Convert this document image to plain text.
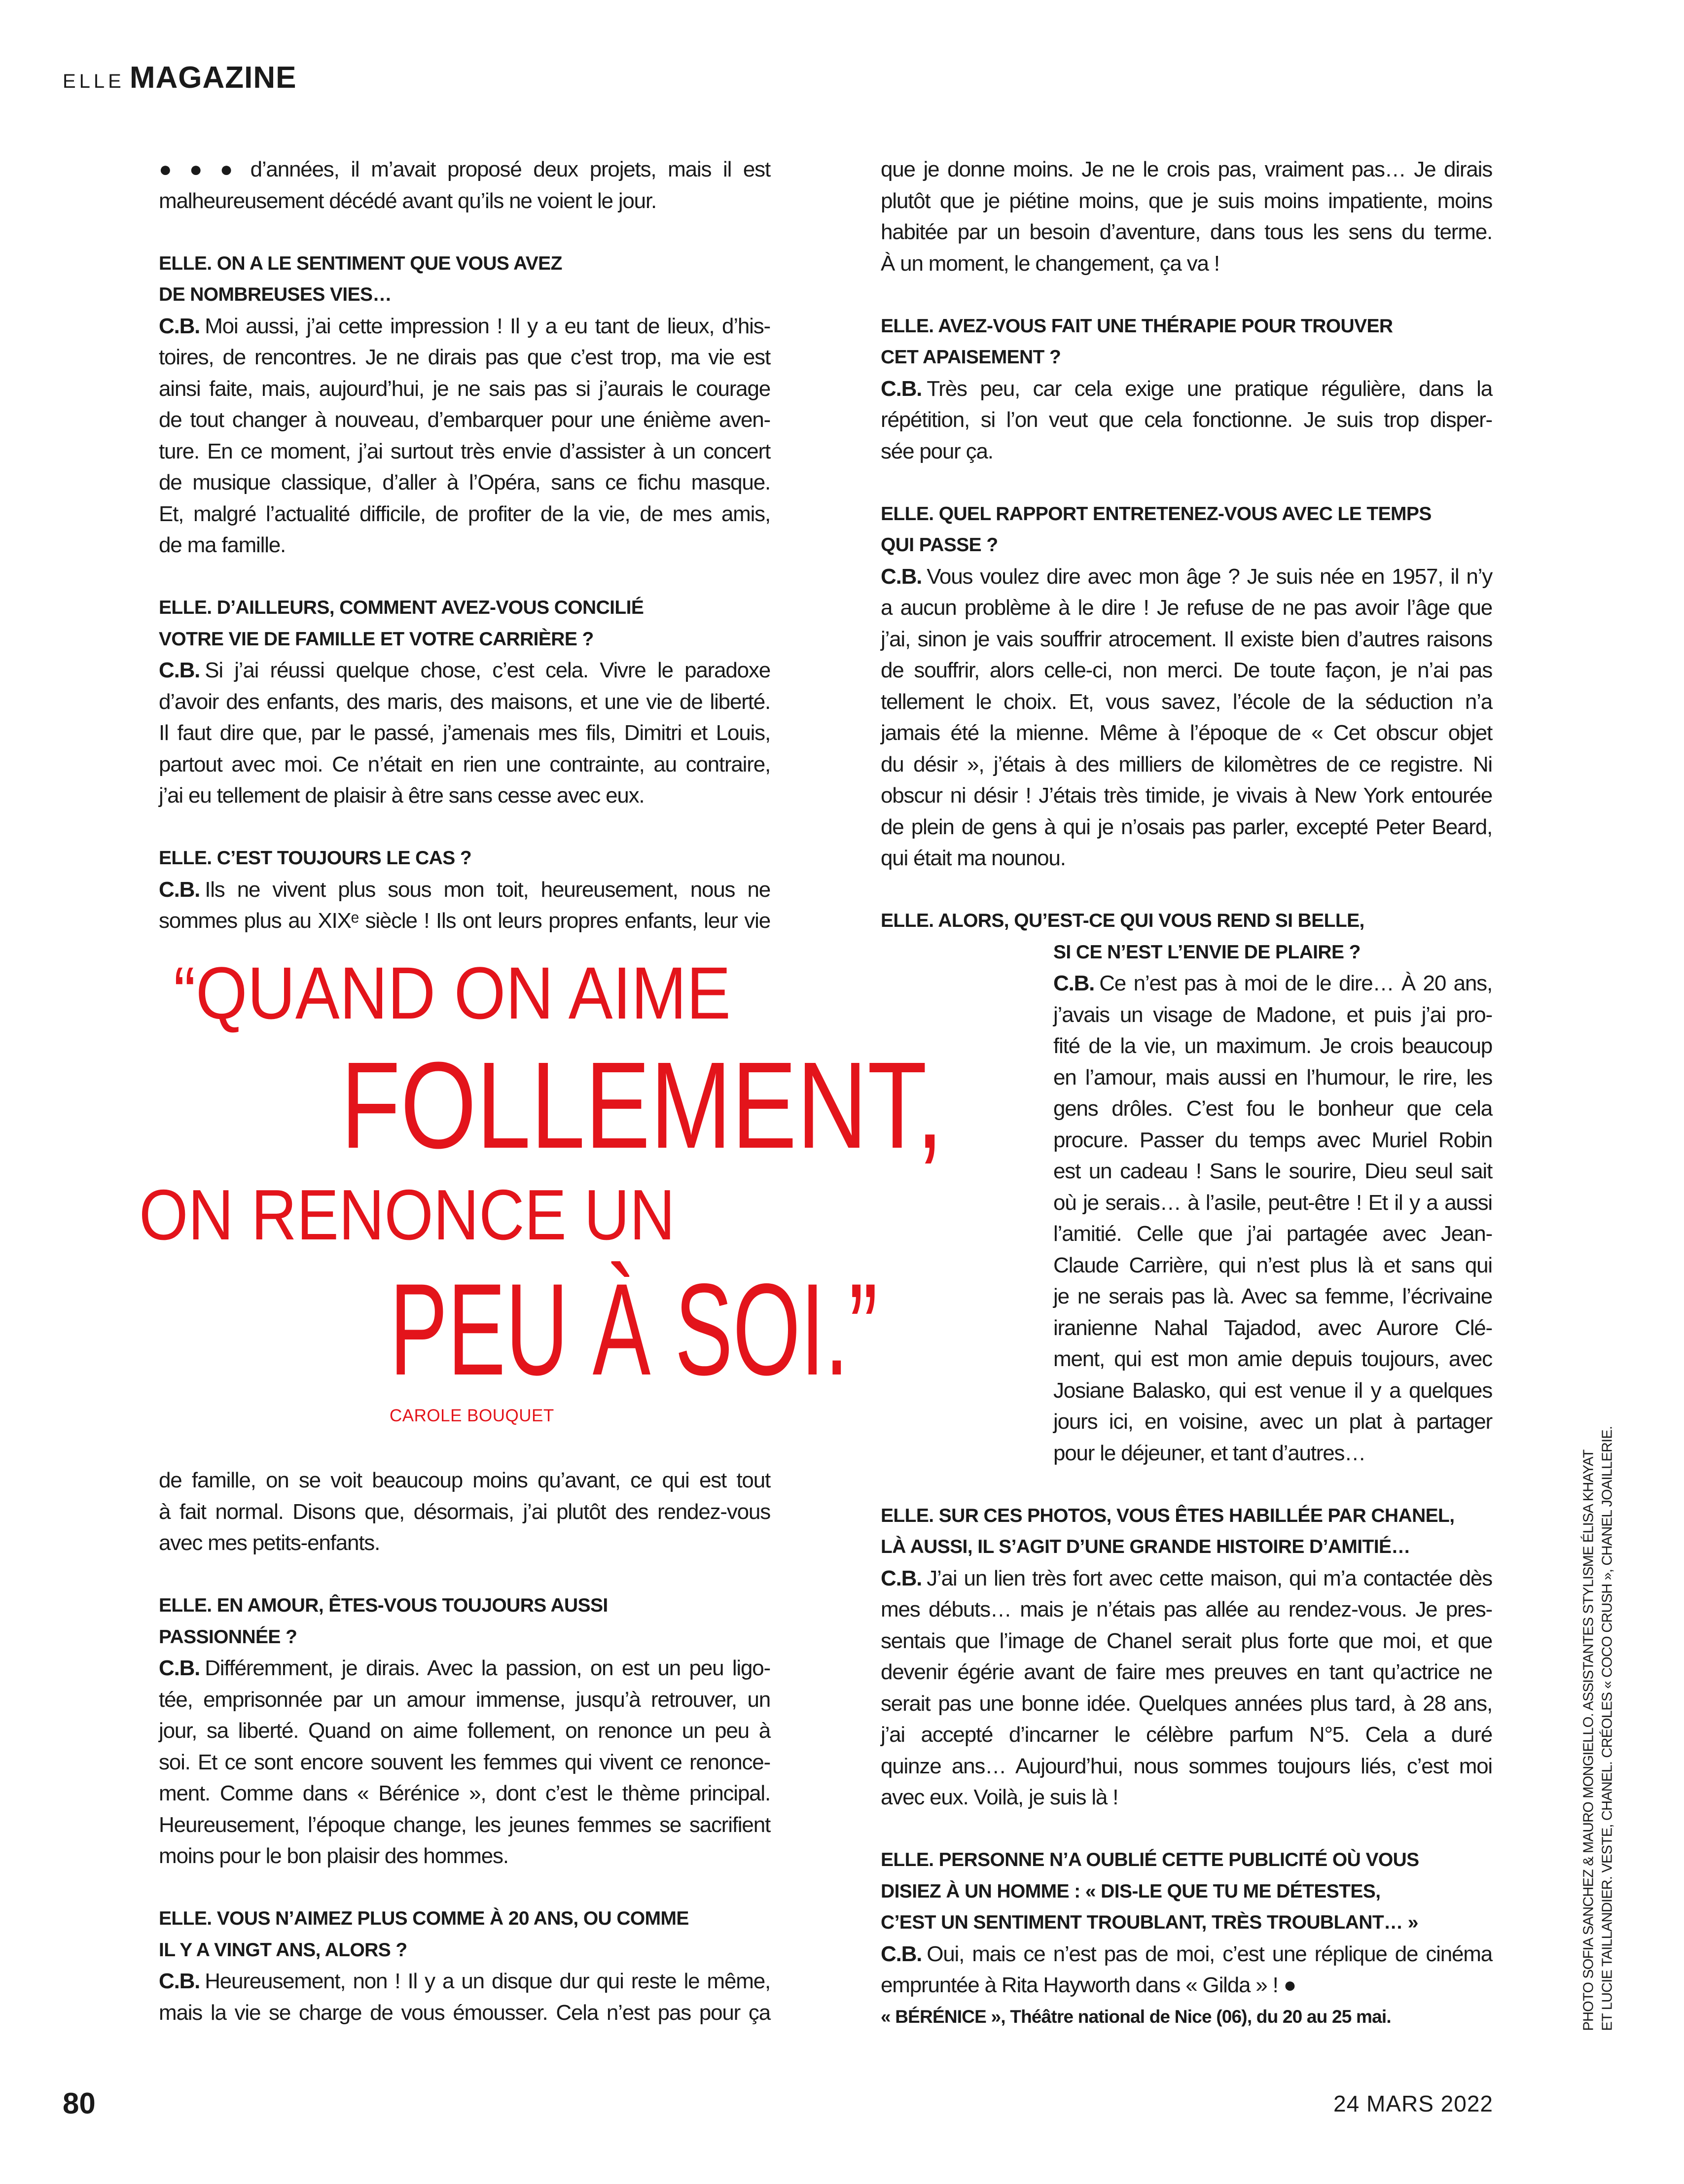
ELLE MAGAZINE
● ● ● d’années, il m’avait proposé deux projets, mais il est
malheureusement décédé avant qu’ils ne voient le jour.
ELLE. ON A LE SENTIMENT QUE VOUS AVEZ
DE NOMBREUSES VIES…
C.B. Moi aussi, j’ai cette impression ! Il y a eu tant de lieux, d’his-
toires, de rencontres. Je ne dirais pas que c’est trop, ma vie est
ainsi faite, mais, aujourd’hui, je ne sais pas si j’aurais le courage
de tout changer à nouveau, d’embarquer pour une énième aven-
ture. En ce moment, j’ai surtout très envie d’assister à un concert
de musique classique, d’aller à l’Opéra, sans ce fichu masque.
Et, malgré l’actualité difficile, de profiter de la vie, de mes amis,
de ma famille.
ELLE. D’AILLEURS, COMMENT AVEZ-VOUS CONCILIÉ
VOTRE VIE DE FAMILLE ET VOTRE CARRIÈRE ?
C.B. Si j’ai réussi quelque chose, c’est cela. Vivre le paradoxe
d’avoir des enfants, des maris, des maisons, et une vie de liberté.
Il faut dire que, par le passé, j’amenais mes fils, Dimitri et Louis,
partout avec moi. Ce n’était en rien une contrainte, au contraire,
j’ai eu tellement de plaisir à être sans cesse avec eux.
ELLE. C’EST TOUJOURS LE CAS ?
C.B. Ils ne vivent plus sous mon toit, heureusement, nous ne
sommes plus au XIXᵉ siècle ! Ils ont leurs propres enfants, leur vie
de famille, on se voit beaucoup moins qu’avant, ce qui est tout
à fait normal. Disons que, désormais, j’ai plutôt des rendez-vous
avec mes petits-enfants.
ELLE. EN AMOUR, ÊTES-VOUS TOUJOURS AUSSI
PASSIONNÉE ?
C.B. Différemment, je dirais. Avec la passion, on est un peu ligo-
tée, emprisonnée par un amour immense, jusqu’à retrouver, un
jour, sa liberté. Quand on aime follement, on renonce un peu à
soi. Et ce sont encore souvent les femmes qui vivent ce renonce-
ment. Comme dans « Bérénice », dont c’est le thème principal.
Heureusement, l’époque change, les jeunes femmes se sacrifient
moins pour le bon plaisir des hommes.
ELLE. VOUS N’AIMEZ PLUS COMME À 20 ANS, OU COMME
IL Y A VINGT ANS, ALORS ?
C.B. Heureusement, non ! Il y a un disque dur qui reste le même,
mais la vie se charge de vous émousser. Cela n’est pas pour ça
que je donne moins. Je ne le crois pas, vraiment pas… Je dirais
plutôt que je piétine moins, que je suis moins impatiente, moins
habitée par un besoin d’aventure, dans tous les sens du terme.
À un moment, le changement, ça va !
ELLE. AVEZ-VOUS FAIT UNE THÉRAPIE POUR TROUVER
CET APAISEMENT ?
C.B. Très peu, car cela exige une pratique régulière, dans la
répétition, si l’on veut que cela fonctionne. Je suis trop disper-
sée pour ça.
ELLE. QUEL RAPPORT ENTRETENEZ-VOUS AVEC LE TEMPS
QUI PASSE ?
C.B. Vous voulez dire avec mon âge ? Je suis née en 1957, il n’y
a aucun problème à le dire ! Je refuse de ne pas avoir l’âge que
j’ai, sinon je vais souffrir atrocement. Il existe bien d’autres raisons
de souffrir, alors celle-ci, non merci. De toute façon, je n’ai pas
tellement le choix. Et, vous savez, l’école de la séduction n’a
jamais été la mienne. Même à l’époque de « Cet obscur objet
du désir », j’étais à des milliers de kilomètres de ce registre. Ni
obscur ni désir ! J’étais très timide, je vivais à New York entourée
de plein de gens à qui je n’osais pas parler, excepté Peter Beard,
qui était ma nounou.
ELLE. ALORS, QU’EST-CE QUI VOUS REND SI BELLE,
SI CE N’EST L’ENVIE DE PLAIRE ?
C.B. Ce n’est pas à moi de le dire… À 20 ans,
j’avais un visage de Madone, et puis j’ai pro-
fité de la vie, un maximum. Je crois beaucoup
en l’amour, mais aussi en l’humour, le rire, les
gens drôles. C’est fou le bonheur que cela
procure. Passer du temps avec Muriel Robin
est un cadeau ! Sans le sourire, Dieu seul sait
où je serais… à l’asile, peut-être ! Et il y a aussi
l’amitié. Celle que j’ai partagée avec Jean-
Claude Carrière, qui n’est plus là et sans qui
je ne serais pas là. Avec sa femme, l’écrivaine
iranienne Nahal Tajadod, avec Aurore Clé-
ment, qui est mon amie depuis toujours, avec
Josiane Balasko, qui est venue il y a quelques
jours ici, en voisine, avec un plat à partager
pour le déjeuner, et tant d’autres…
ELLE. SUR CES PHOTOS, VOUS ÊTES HABILLÉE PAR CHANEL,
LÀ AUSSI, IL S’AGIT D’UNE GRANDE HISTOIRE D’AMITIÉ…
C.B. J’ai un lien très fort avec cette maison, qui m’a contactée dès
mes débuts… mais je n’étais pas allée au rendez-vous. Je pres-
sentais que l’image de Chanel serait plus forte que moi, et que
devenir égérie avant de faire mes preuves en tant qu’actrice ne
serait pas une bonne idée. Quelques années plus tard, à 28 ans,
j’ai accepté d’incarner le célèbre parfum N°5. Cela a duré
quinze ans… Aujourd’hui, nous sommes toujours liés, c’est moi
avec eux. Voilà, je suis là !
ELLE. PERSONNE N’A OUBLIÉ CETTE PUBLICITÉ OÙ VOUS
DISIEZ À UN HOMME : « DIS-LE QUE TU ME DÉTESTES,
C’EST UN SENTIMENT TROUBLANT, TRÈS TROUBLANT… »
C.B. Oui, mais ce n’est pas de moi, c’est une réplique de cinéma
empruntée à Rita Hayworth dans « Gilda » ! ●
« BÉRÉNICE », Théâtre national de Nice (06), du 20 au 25 mai.
“QUAND ON AIME
FOLLEMENT,
ON RENONCE UN
PEU À SOI.”
CAROLE BOUQUET
PHOTO SOFIA SANCHEZ & MAURO MONGIELLO. ASSISTANTES STYLISME ÉLISA KHAYAT ET LUCIE TAILLANDIER. VESTE, CHANEL. CRÉOLES « COCO CRUSH », CHANEL JOAILLERIE.
80	24 MARS 2022
